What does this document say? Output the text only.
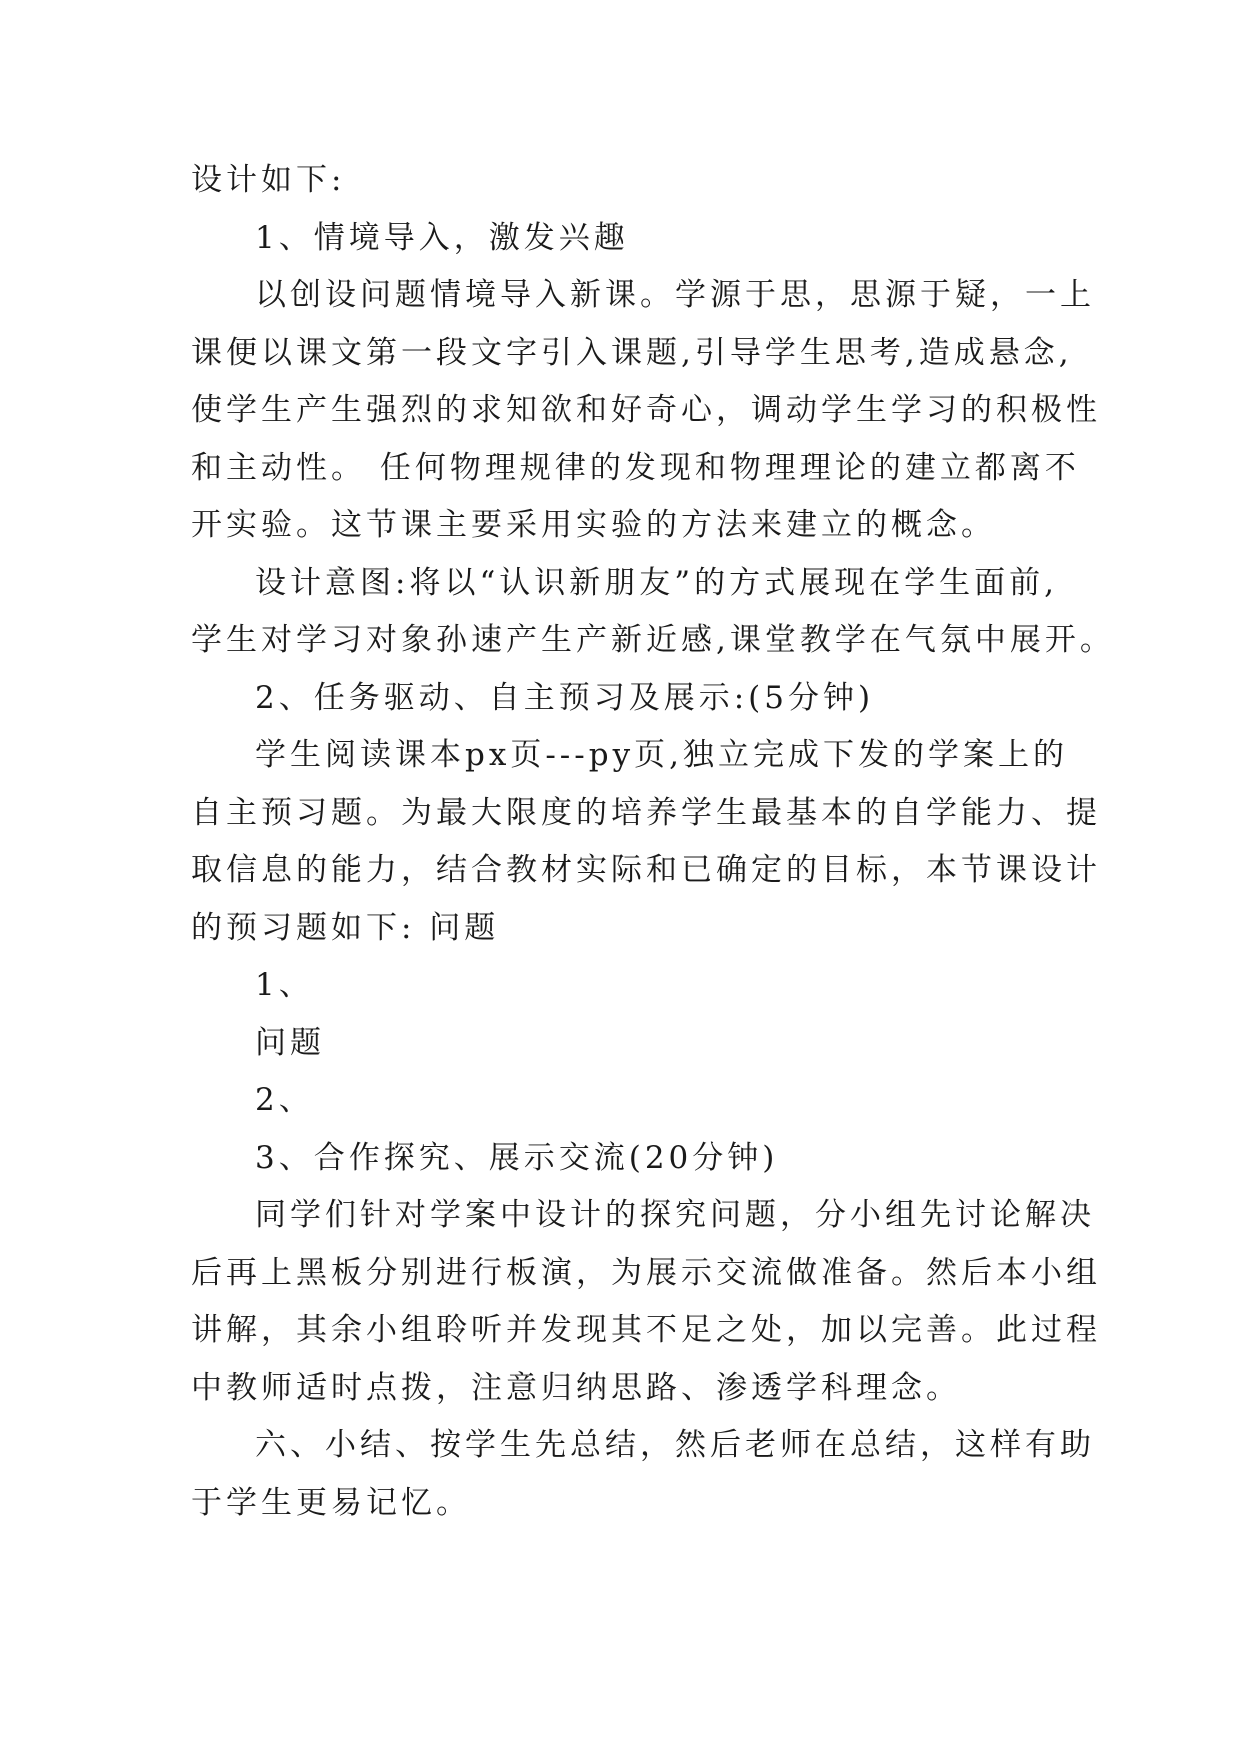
设计如下:
1、情境导入，激发兴趣
以创设问题情境导入新课。学源于思，思源于疑，一上
课便以课文第一段文字引入课题,引导学生思考,造成悬念,
使学生产生强烈的求知欲和好奇心，调动学生学习的积极性
和主动性。 任何物理规律的发现和物理理论的建立都离不
开实验。这节课主要采用实验的方法来建立的概念。
设计意图:将以“认识新朋友”的方式展现在学生面前,
学生对学习对象孙速产生产新近感,课堂教学在气氛中展开。
2、任务驱动、自主预习及展示:(5分钟)
学生阅读课本px页---py页,独立完成下发的学案上的
自主预习题。为最大限度的培养学生最基本的自学能力、提
取信息的能力，结合教材实际和已确定的目标，本节课设计
的预习题如下: 问题
1、
问题
2、
3、合作探究、展示交流(20分钟)
同学们针对学案中设计的探究问题，分小组先讨论解决
后再上黑板分别进行板演，为展示交流做准备。然后本小组
讲解，其余小组聆听并发现其不足之处，加以完善。此过程
中教师适时点拨，注意归纳思路、渗透学科理念。
六、小结、按学生先总结，然后老师在总结，这样有助
于学生更易记忆。
